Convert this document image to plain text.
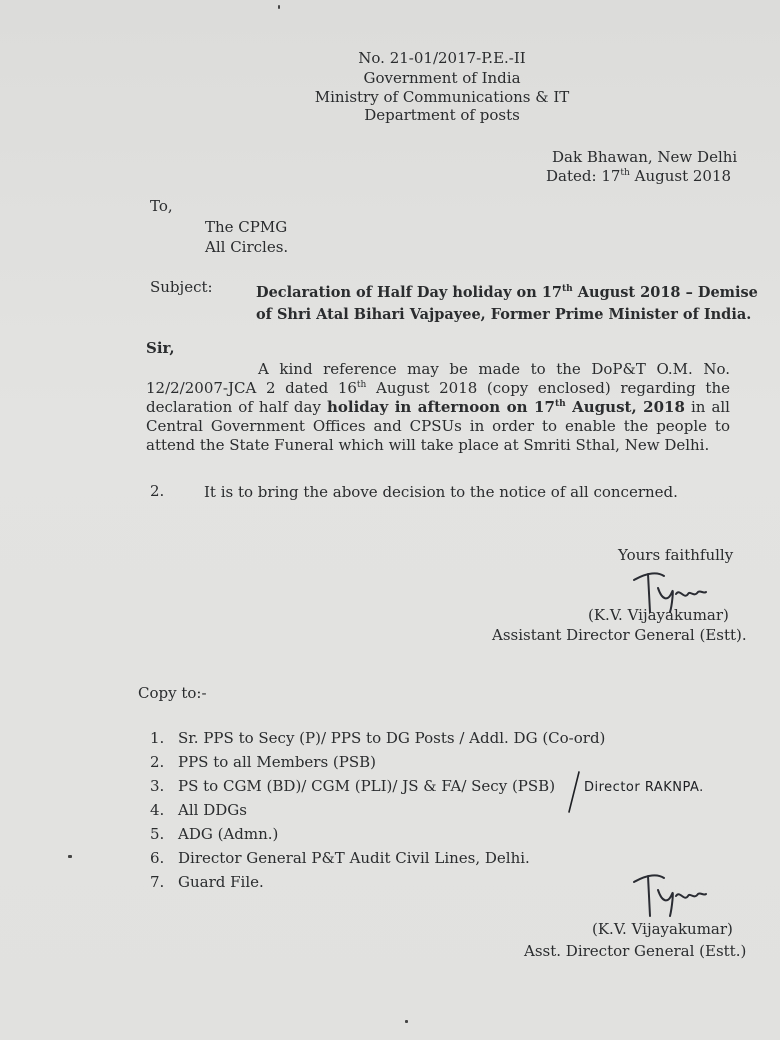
No. 21-01/2017-P.E.-II
Government of India
Ministry of Communications & IT
Department of posts
Dak Bhawan, New Delhi
Dated: 17th August 2018
To,
The CPMG
All Circles.
Subject:	Declaration of Half Day holiday on 17th August 2018 – Demise
of Shri Atal Bihari Vajpayee, Former Prime Minister of India.
Sir,
A kind reference may be made to the DoP&T O.M. No. 12/2/2007-JCA 2 dated 16th August 2018 (copy enclosed) regarding the declaration of half day holiday in afternoon on 17th August, 2018 in all Central Government Offices and CPSUs in order to enable the people to attend the State Funeral which will take place at Smriti Sthal, New Delhi.
2.	It is to bring the above decision to the notice of all concerned.
Yours faithfully
(K.V. Vijayakumar)
Assistant Director General (Estt).
Copy to:-
1. Sr. PPS to Secy (P)/ PPS to DG Posts / Addl. DG (Co-ord)
2. PPS to all Members (PSB)
3. PS to CGM (BD)/ CGM (PLI)/ JS & FA/ Secy (PSB)
4. All DDGs
5. ADG (Admn.)
6. Director General P&T Audit Civil Lines, Delhi.
7. Guard File.
Director RAKNPA.
(K.V. Vijayakumar)
Asst. Director General (Estt.)
